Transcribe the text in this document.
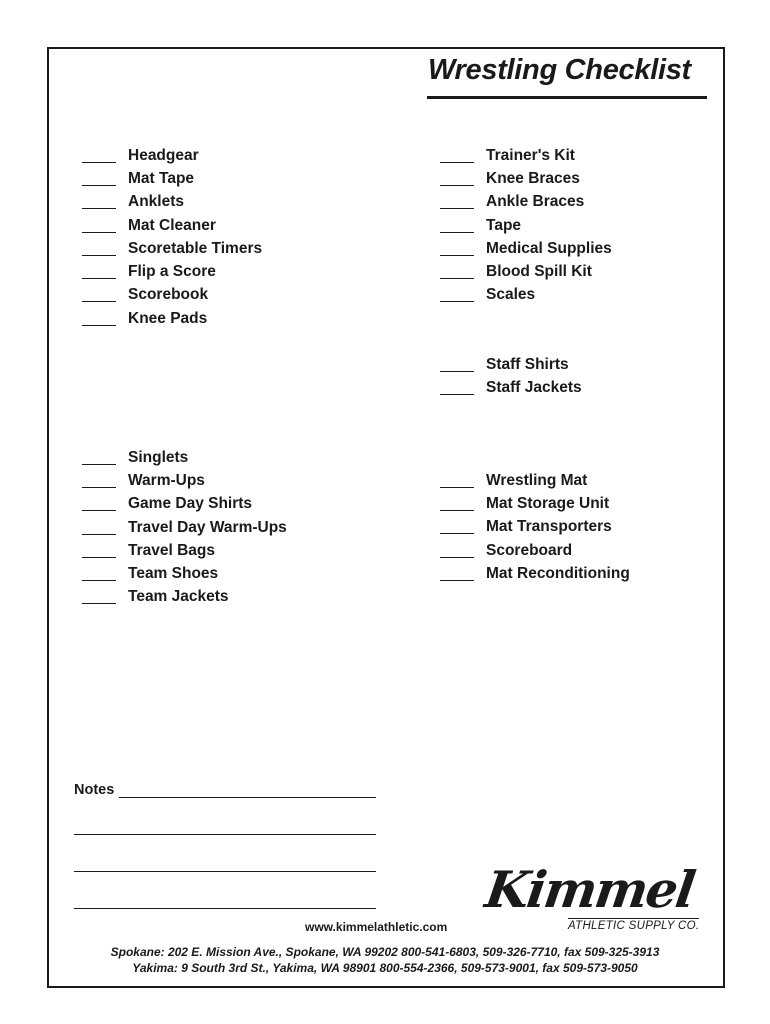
Wrestling Checklist
Headgear
Mat Tape
Anklets
Mat Cleaner
Scoretable Timers
Flip a Score
Scorebook
Knee Pads
Trainer's Kit
Knee Braces
Ankle Braces
Tape
Medical Supplies
Blood Spill Kit
Scales
Staff Shirts
Staff Jackets
Singlets
Warm-Ups
Game Day Shirts
Travel Day Warm-Ups
Travel Bags
Team Shoes
Team Jackets
Wrestling Mat
Mat Storage Unit
Mat Transporters
Scoreboard
Mat Reconditioning
Notes
www.kimmelathletic.com
Kimmel
ATHLETIC SUPPLY CO.
Spokane: 202 E. Mission Ave., Spokane, WA 99202 800-541-6803, 509-326-7710, fax 509-325-3913
Yakima: 9 South 3rd St., Yakima, WA 98901 800-554-2366, 509-573-9001, fax 509-573-9050
